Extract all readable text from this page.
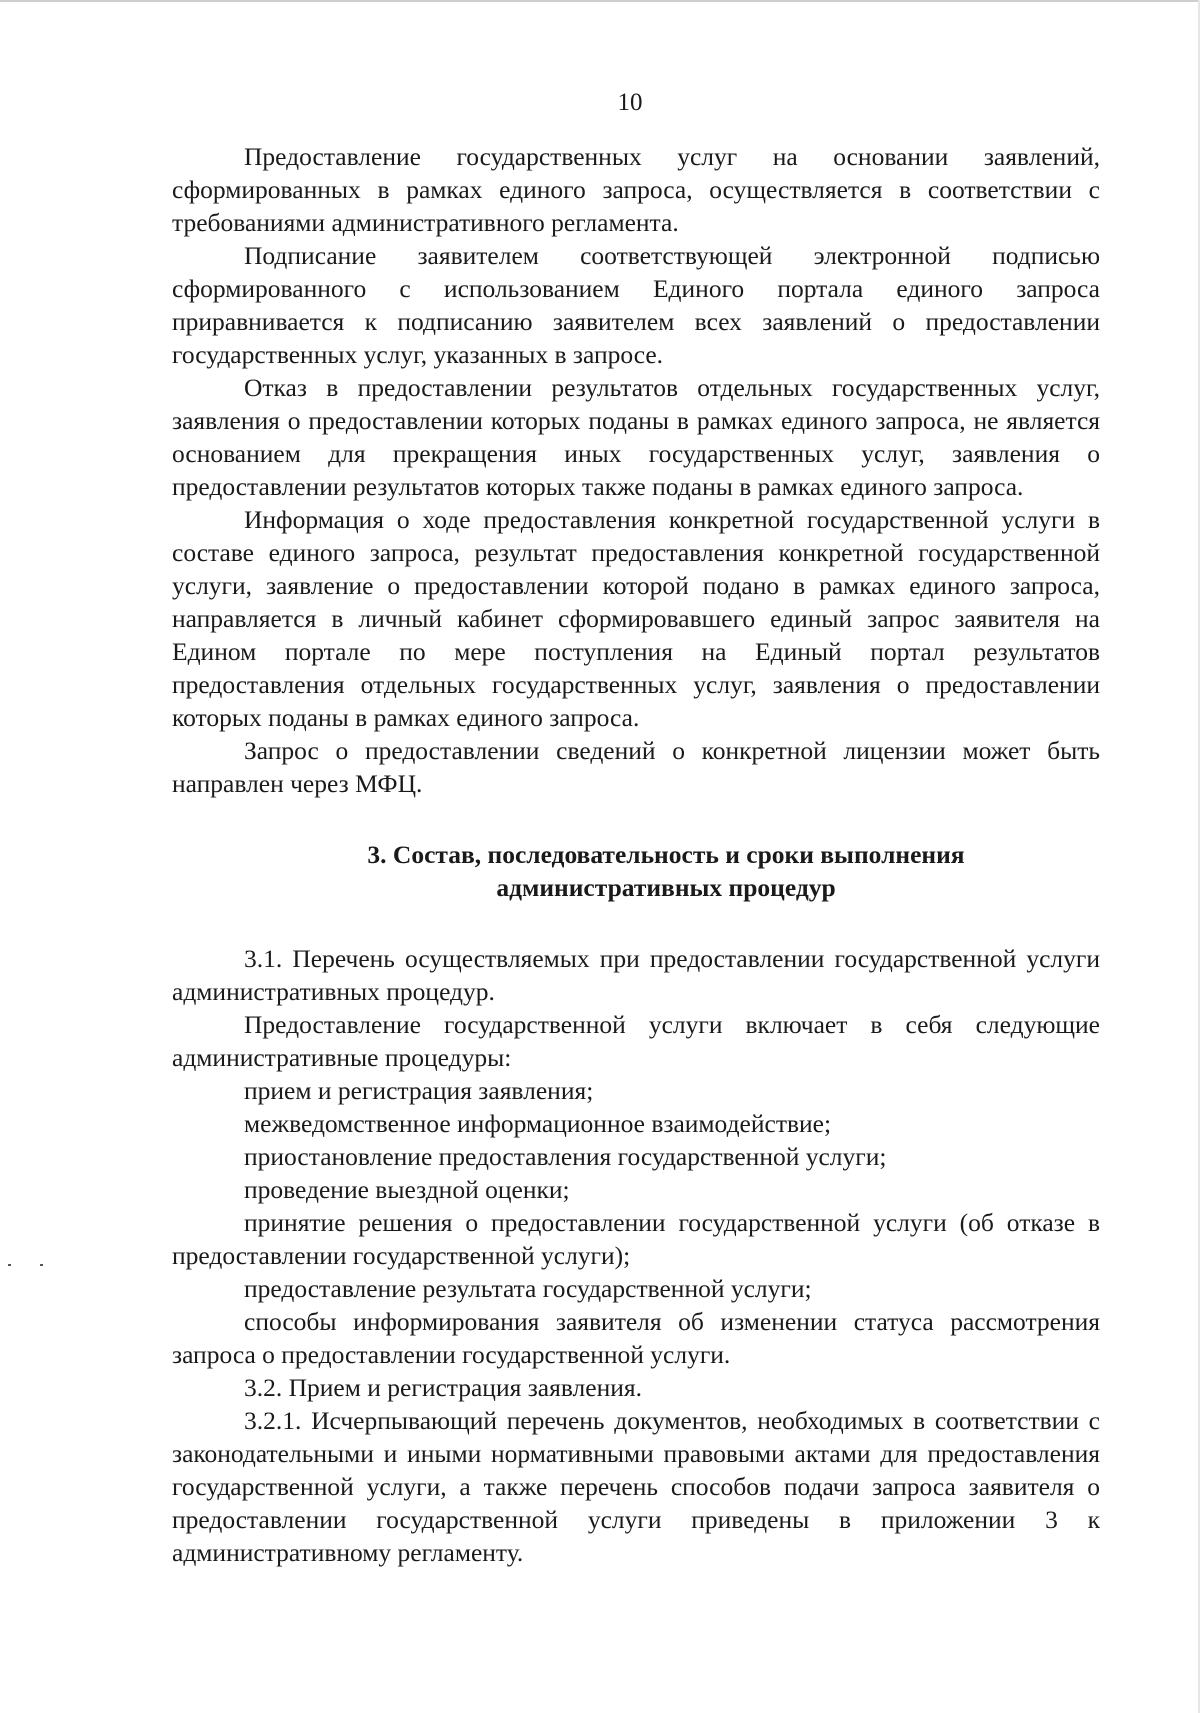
10

Предоставление государственных услуг на основании заявлений, сформированных в рамках единого запроса, осуществляется в соответствии с требованиями административного регламента.

Подписание заявителем соответствующей электронной подписью сформированного с использованием Единого портала единого запроса приравнивается к подписанию заявителем всех заявлений о предоставлении государственных услуг, указанных в запросе.

Отказ в предоставлении результатов отдельных государственных услуг, заявления о предоставлении которых поданы в рамках единого запроса, не является основанием для прекращения иных государственных услуг, заявления о предоставлении результатов которых также поданы в рамках единого запроса.

Информация о ходе предоставления конкретной государственной услуги в составе единого запроса, результат предоставления конкретной государственной услуги, заявление о предоставлении которой подано в рамках единого запроса, направляется в личный кабинет сформировавшего единый запрос заявителя на Едином портале по мере поступления на Единый портал результатов предоставления отдельных государственных услуг, заявления о предоставлении которых поданы в рамках единого запроса.

Запрос о предоставлении сведений о конкретной лицензии может быть направлен через МФЦ.

3. Состав, последовательность и сроки выполнения
административных процедур

3.1. Перечень осуществляемых при предоставлении государственной услуги административных процедур.

Предоставление государственной услуги включает в себя следующие административные процедуры:

прием и регистрация заявления;

межведомственное информационное взаимодействие;

приостановление предоставления государственной услуги;

проведение выездной оценки;

принятие решения о предоставлении государственной услуги (об отказе в предоставлении государственной услуги);

предоставление результата государственной услуги;

способы информирования заявителя об изменении статуса рассмотрения запроса о предоставлении государственной услуги.

3.2. Прием и регистрация заявления.

3.2.1. Исчерпывающий перечень документов, необходимых в соответствии с законодательными и иными нормативными правовыми актами для предоставления государственной услуги, а также перечень способов подачи запроса заявителя о предоставлении государственной услуги приведены в приложении 3 к административному регламенту.
